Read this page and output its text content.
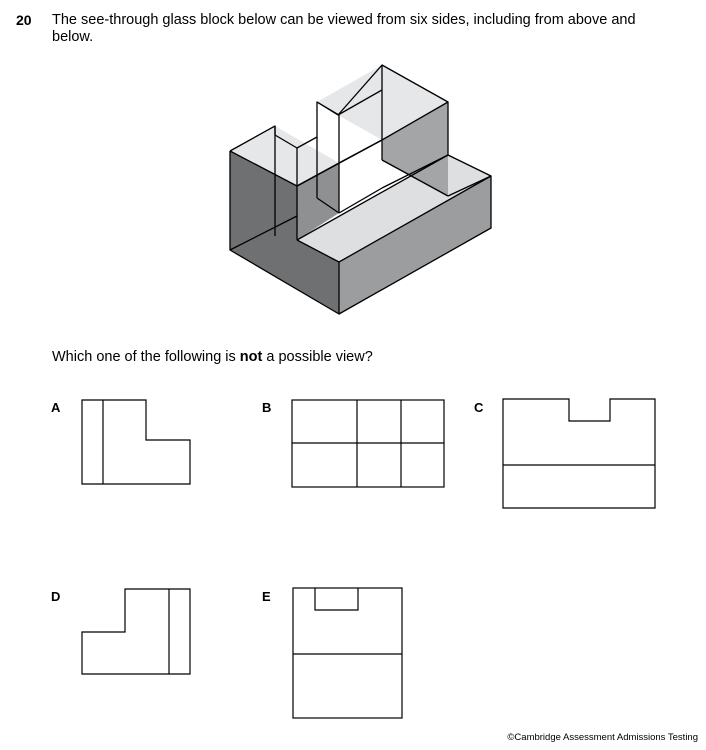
20 The see-through glass block below can be viewed from six sides, including from above and below.
Which one of the following is not a possible view?
A	B	C
D	E
©Cambridge Assessment Admissions Testing
